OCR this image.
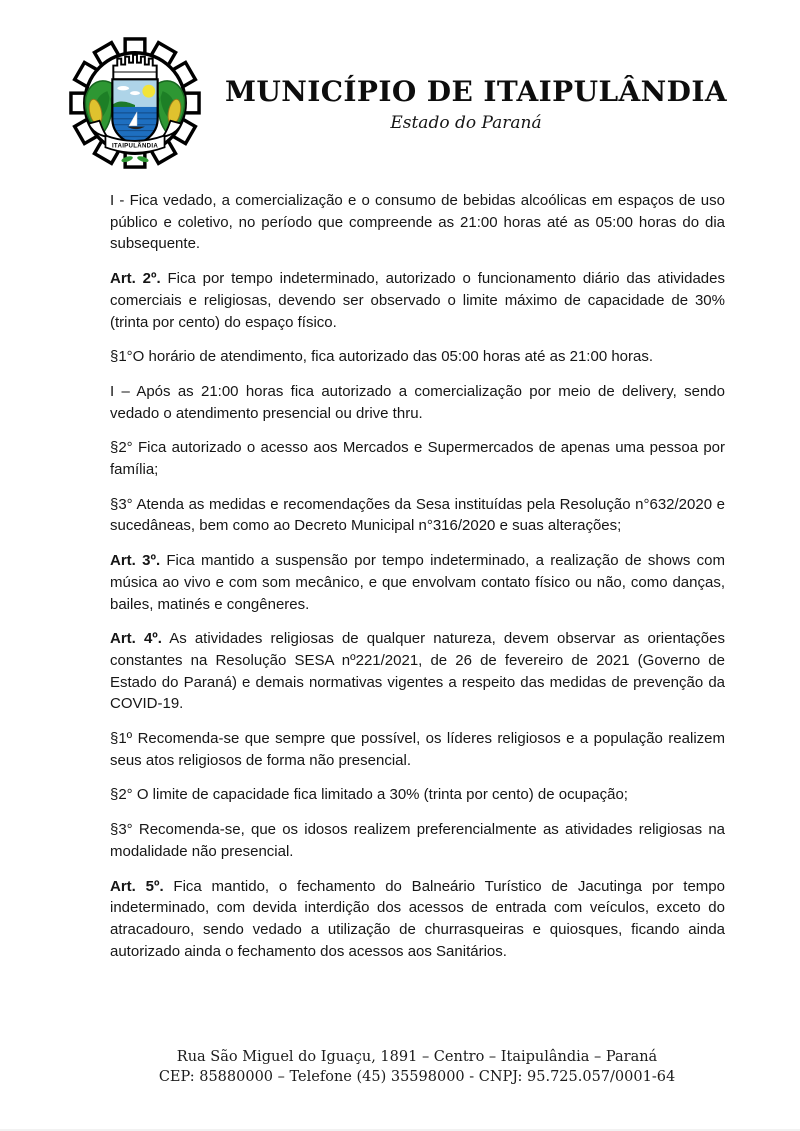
ITAIPULÂNDIA
MUNICÍPIO DE ITAIPULÂNDIA
Estado do Paraná

I - Fica vedado, a comercialização e o consumo de bebidas alcoólicas em espaços de uso público e coletivo, no período que compreende as 21:00 horas até as 05:00 horas do dia subsequente.

Art. 2º. Fica por tempo indeterminado, autorizado o funcionamento diário das atividades comerciais e religiosas, devendo ser observado o limite máximo de capacidade de 30% (trinta por cento) do espaço físico.

§1°O horário de atendimento, fica autorizado das 05:00 horas até as 21:00 horas.

I – Após as 21:00 horas fica autorizado a comercialização por meio de delivery, sendo vedado o atendimento presencial ou drive thru.

§2° Fica autorizado o acesso aos Mercados e Supermercados de apenas uma pessoa por família;

§3° Atenda as medidas e recomendações da Sesa instituídas pela Resolução n°632/2020 e sucedâneas, bem como ao Decreto Municipal n°316/2020 e suas alterações;

Art. 3º. Fica mantido a suspensão por tempo indeterminado, a realização de shows com música ao vivo e com som mecânico, e que envolvam contato físico ou não, como danças, bailes, matinés e congêneres.

Art. 4º. As atividades religiosas de qualquer natureza, devem observar as orientações constantes na Resolução SESA nº221/2021, de 26 de fevereiro de 2021 (Governo de Estado do Paraná) e demais normativas vigentes a respeito das medidas de prevenção da COVID-19.

§1º Recomenda-se que sempre que possível, os líderes religiosos e a população realizem seus atos religiosos de forma não presencial.

§2° O limite de capacidade fica limitado a 30% (trinta por cento) de ocupação;

§3° Recomenda-se, que os idosos realizem preferencialmente as atividades religiosas na modalidade não presencial.

Art. 5º. Fica mantido, o fechamento do Balneário Turístico de Jacutinga por tempo indeterminado, com devida interdição dos acessos de entrada com veículos, exceto do atracadouro, sendo vedado a utilização de churrasqueiras e quiosques, ficando ainda autorizado ainda o fechamento dos acessos aos Sanitários.

Rua São Miguel do Iguaçu, 1891 – Centro – Itaipulândia – Paraná
CEP: 85880000 – Telefone (45) 35598000 - CNPJ: 95.725.057/0001-64
